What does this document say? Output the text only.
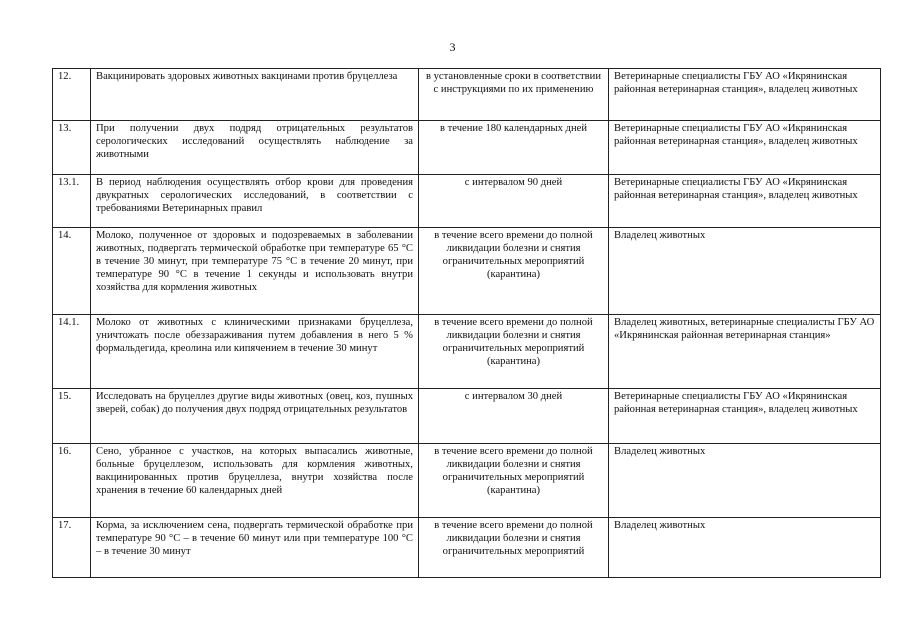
3
12.	Вакцинировать здоровых животных вакцинами против бруцеллеза	в установленные сроки в соответствии с инструкциями по их применению	Ветеринарные специалисты ГБУ АО «Икрянинская районная ветеринарная станция», владелец животных
13.	При получении двух подряд отрицательных результатов серологических исследований осуществлять наблюдение за животными	в течение 180 календарных дней	Ветеринарные специалисты ГБУ АО «Икрянинская районная ветеринарная станция», владелец животных
13.1.	В период наблюдения осуществлять отбор крови для проведения двукратных серологических исследований, в соответствии с требованиями Ветеринарных правил	с интервалом 90 дней	Ветеринарные специалисты ГБУ АО «Икрянинская районная ветеринарная станция», владелец животных
14.	Молоко, полученное от здоровых и подозреваемых в заболевании животных, подвергать термической обработке при температуре 65 °С в течение 30 минут, при температуре 75 °С в течение 20 минут, при температуре 90 °С в течение 1 секунды и использовать внутри хозяйства для кормления животных	в течение всего времени до полной ликвидации болезни и снятия ограничительных мероприятий (карантина)	Владелец животных
14.1.	Молоко от животных с клиническими признаками бруцеллеза, уничтожать после обеззараживания путем добавления в него 5 % формальдегида, креолина или кипячением в течение 30 минут	в течение всего времени до полной ликвидации болезни и снятия ограничительных мероприятий (карантина)	Владелец животных, ветеринарные специалисты ГБУ АО «Икрянинская районная ветеринарная станция»
15.	Исследовать на бруцеллез другие виды животных (овец, коз, пушных зверей, собак) до получения двух подряд отрицательных результатов	с интервалом 30 дней	Ветеринарные специалисты ГБУ АО «Икрянинская районная ветеринарная станция», владелец животных
16.	Сено, убранное с участков, на которых выпасались животные, больные бруцеллезом, использовать для кормления животных, вакцинированных против бруцеллеза, внутри хозяйства после хранения в течение 60 календарных дней	в течение всего времени до полной ликвидации болезни и снятия ограничительных мероприятий (карантина)	Владелец животных
17.	Корма, за исключением сена, подвергать термической обработке при температуре 90 °С – в течение 60 минут или при температуре 100 °С – в течение 30 минут	в течение всего времени до полной ликвидации болезни и снятия ограничительных мероприятий	Владелец животных
